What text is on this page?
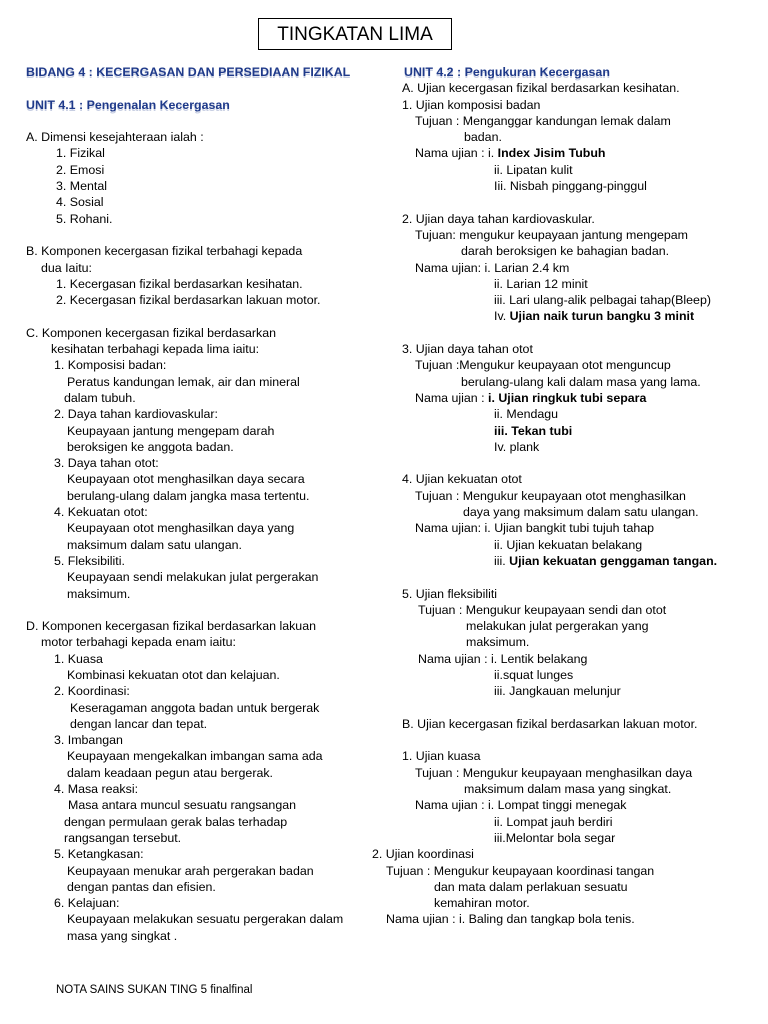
TINGKATAN LIMA
BIDANG 4 : KECERGASAN DAN PERSEDIAAN FIZIKAL
UNIT 4.1 : Pengenalan Kecergasan
A. Dimensi kesejahteraan ialah :
1. Fizikal
2. Emosi
3. Mental
4. Sosial
5. Rohani.
B. Komponen kecergasan fizikal terbahagi kepada
dua Iaitu:
1. Kecergasan fizikal berdasarkan kesihatan.
2. Kecergasan fizikal berdasarkan lakuan motor.
C. Komponen kecergasan fizikal berdasarkan
kesihatan terbahagi kepada lima iaitu:
1. Komposisi badan:
Peratus kandungan lemak, air dan mineral
dalam tubuh.
2. Daya tahan kardiovaskular:
Keupayaan jantung mengepam darah
beroksigen ke anggota badan.
3. Daya tahan otot:
Keupayaan otot menghasilkan daya secara
berulang-ulang dalam jangka masa tertentu.
4. Kekuatan otot:
Keupayaan otot menghasilkan daya yang
maksimum dalam satu ulangan.
5. Fleksibiliti.
Keupayaan sendi melakukan julat pergerakan
maksimum.
D. Komponen kecergasan fizikal berdasarkan lakuan
motor terbahagi kepada enam iaitu:
1. Kuasa
Kombinasi kekuatan otot dan kelajuan.
2. Koordinasi:
Keseragaman anggota badan untuk bergerak
dengan lancar dan tepat.
3. Imbangan
Keupayaan mengekalkan imbangan sama ada
dalam keadaan pegun atau bergerak.
4. Masa reaksi:
Masa antara muncul sesuatu rangsangan
dengan permulaan gerak balas terhadap
rangsangan tersebut.
5. Ketangkasan:
Keupayaan menukar arah pergerakan badan
dengan pantas dan efisien.
6. Kelajuan:
Keupayaan melakukan sesuatu pergerakan dalam
masa yang singkat .
UNIT 4.2 : Pengukuran Kecergasan
A. Ujian kecergasan fizikal berdasarkan kesihatan.
1. Ujian komposisi badan
Tujuan : Menganggar kandungan lemak dalam
badan.
Nama ujian : i. Index Jisim Tubuh
ii. Lipatan kulit
Iii. Nisbah pinggang-pinggul
2. Ujian daya tahan kardiovaskular.
Tujuan: mengukur keupayaan jantung mengepam
darah beroksigen ke bahagian badan.
Nama ujian: i. Larian 2.4 km
ii. Larian 12 minit
iii. Lari ulang-alik pelbagai tahap(Bleep)
Iv. Ujian naik turun bangku 3 minit
3. Ujian daya tahan otot
Tujuan :Mengukur keupayaan otot menguncup
berulang-ulang kali dalam masa yang lama.
Nama ujian : i. Ujian ringkuk tubi separa
ii. Mendagu
iii. Tekan tubi
Iv. plank
4. Ujian kekuatan otot
Tujuan : Mengukur keupayaan otot menghasilkan
daya yang maksimum dalam satu ulangan.
Nama ujian: i. Ujian bangkit tubi tujuh tahap
ii. Ujian kekuatan belakang
iii. Ujian kekuatan genggaman tangan.
5. Ujian fleksibiliti
Tujuan : Mengukur keupayaan sendi dan otot
melakukan julat pergerakan yang
maksimum.
Nama ujian : i. Lentik belakang
ii.squat lunges
iii. Jangkauan melunjur
B. Ujian kecergasan fizikal berdasarkan lakuan motor.
1. Ujian kuasa
Tujuan : Mengukur keupayaan menghasilkan daya
maksimum dalam masa yang singkat.
Nama ujian : i. Lompat tinggi menegak
ii. Lompat jauh berdiri
iii.Melontar bola segar
2. Ujian koordinasi
Tujuan : Mengukur keupayaan koordinasi tangan
dan mata dalam perlakuan sesuatu
kemahiran motor.
Nama ujian : i. Baling dan tangkap bola tenis.
NOTA SAINS SUKAN TING 5 finalfinal
